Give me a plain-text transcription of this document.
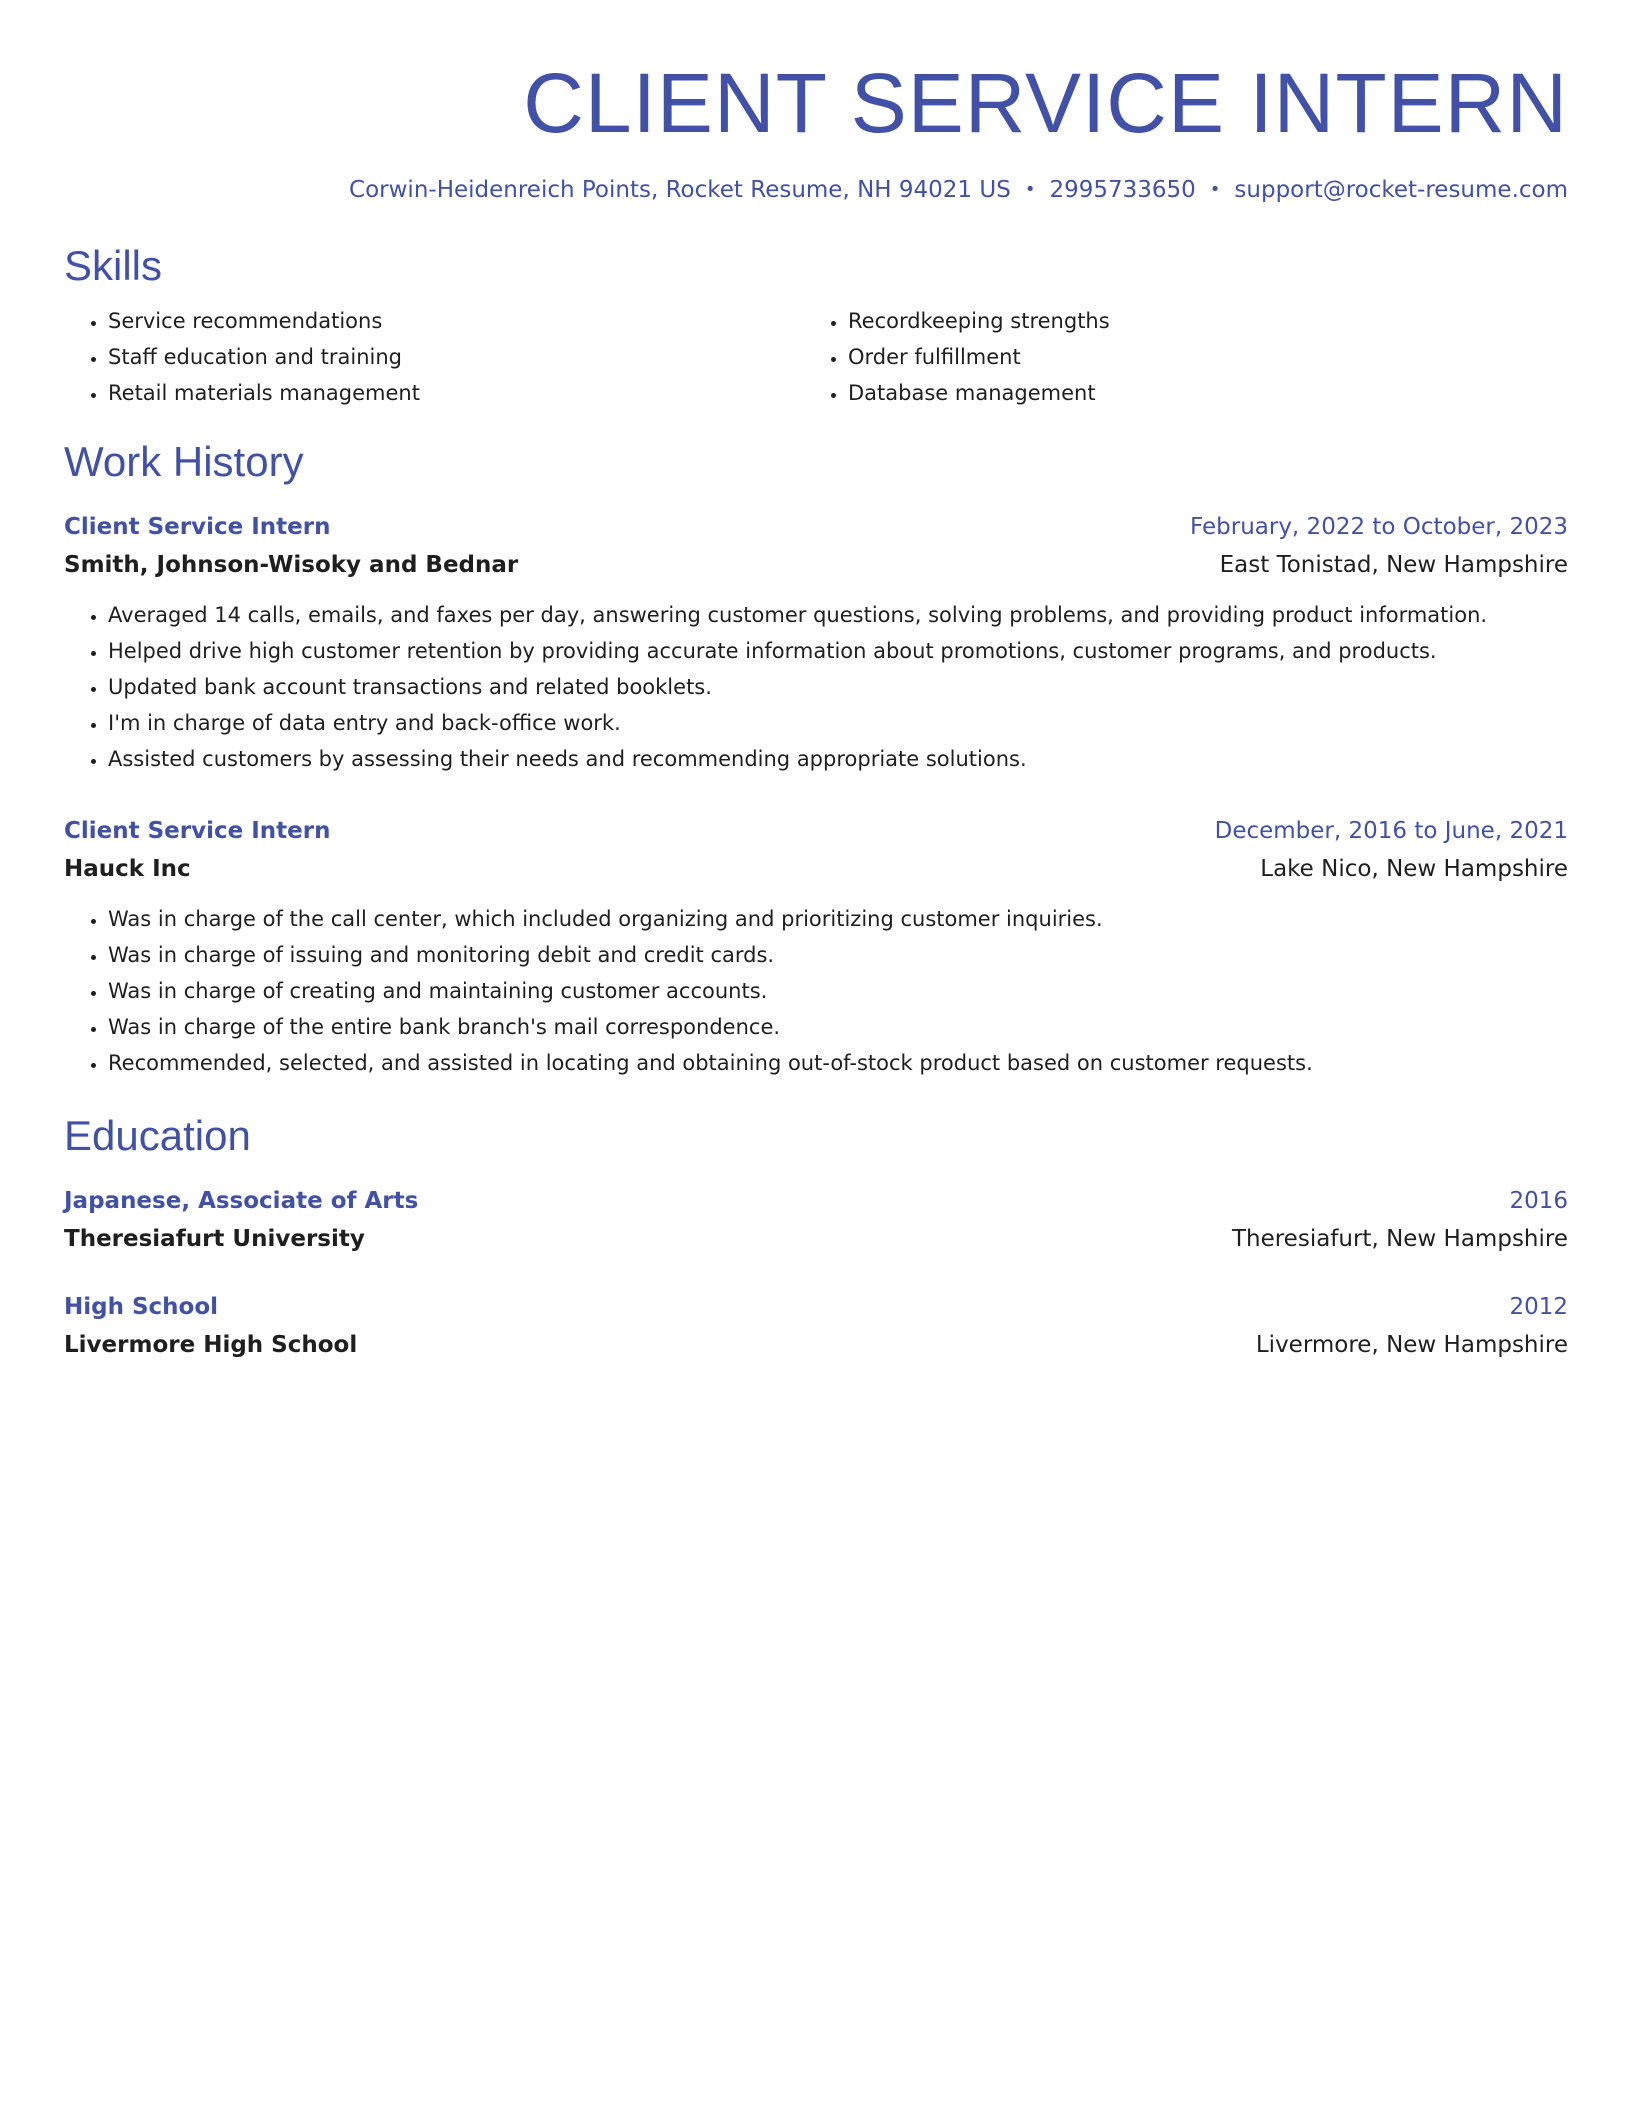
CLIENT SERVICE INTERN
Corwin-Heidenreich Points, Rocket Resume, NH 94021 US • 2995733650 • support@rocket-resume.com
Skills
• Service recommendations
• Staff education and training
• Retail materials management
• Recordkeeping strengths
• Order fulfillment
• Database management
Work History
Client Service Intern	February, 2022 to October, 2023
Smith, Johnson-Wisoky and Bednar	East Tonistad, New Hampshire
• Averaged 14 calls, emails, and faxes per day, answering customer questions, solving problems, and providing product information.
• Helped drive high customer retention by providing accurate information about promotions, customer programs, and products.
• Updated bank account transactions and related booklets.
• I'm in charge of data entry and back-office work.
• Assisted customers by assessing their needs and recommending appropriate solutions.
Client Service Intern	December, 2016 to June, 2021
Hauck Inc	Lake Nico, New Hampshire
• Was in charge of the call center, which included organizing and prioritizing customer inquiries.
• Was in charge of issuing and monitoring debit and credit cards.
• Was in charge of creating and maintaining customer accounts.
• Was in charge of the entire bank branch's mail correspondence.
• Recommended, selected, and assisted in locating and obtaining out-of-stock product based on customer requests.
Education
Japanese, Associate of Arts	2016
Theresiafurt University	Theresiafurt, New Hampshire
High School	2012
Livermore High School	Livermore, New Hampshire
